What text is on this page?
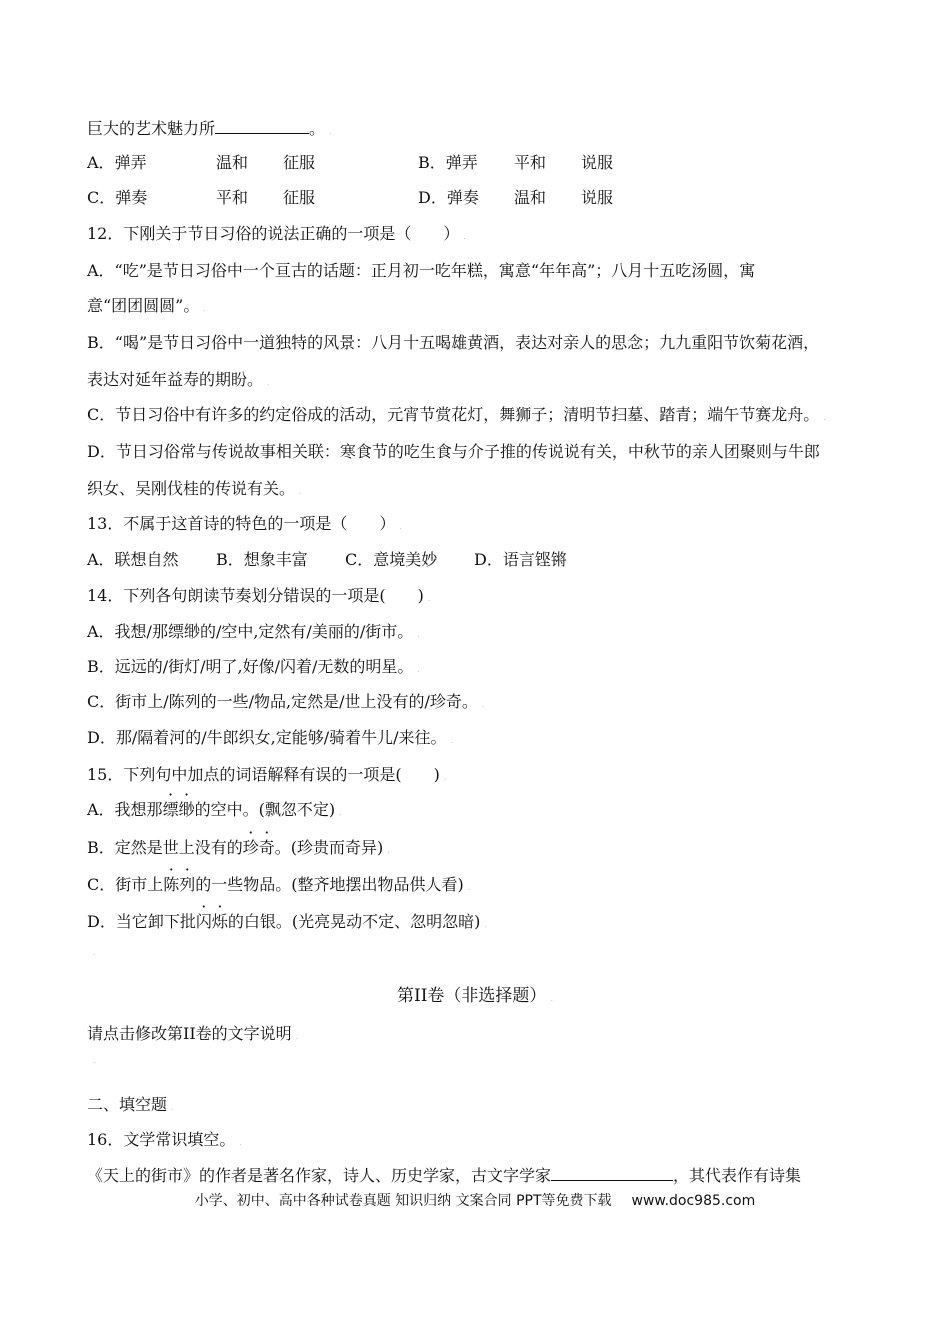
巨大的艺术魅力所	。 .
A．弹弄	温和 征服	B．弹弄 平和 说服
C．弹奏	平和 征服	D．弹奏 温和 说服
12．下刚关于节日习俗的说法正确的一项是（　　） .
A．“吃”是节日习俗中一个亘古的话题：正月初一吃年糕，寓意“年年高”；八月十五吃汤圆，寓
意“团团圆圆”。 .
B．“喝”是节日习俗中一道独特的风景：八月十五喝雄黄酒，表达对亲人的思念；九九重阳节饮菊花酒，
表达对延年益寿的期盼。 .
C．节日习俗中有许多的约定俗成的活动，元宵节赏花灯，舞狮子；清明节扫墓、踏青；端午节赛龙舟。 .
D．节日习俗常与传说故事相关联：寒食节的吃生食与介子推的传说说有关，中秋节的亲人团聚则与牛郎
织女、吴刚伐桂的传说有关。 .
13．不属于这首诗的特色的一项是（　　） .
A．联想自然 B．想象丰富 C．意境美妙 D．语言铿锵
14．下列各句朗读节奏划分错误的一项是(　　) .
A．我想/那缥缈的/空中,定然有/美丽的/街市。 .
B．远远的/街灯/明了,好像/闪着/无数的明星。 .
C．街市上/陈列的一些/物品,定然是/世上没有的/珍奇。 .
D．那/隔着河的/牛郎织女,定能够/骑着牛儿/来往。 .
15．下列句中加点的词语解释有误的一项是(　　) .
A．我想那缥缈的空中。(飘忽不定) .
B．定然是世上没有的珍奇。(珍贵而奇异) .
C．街市上陈列的一些物品。(整齐地摆出物品供人看) .
D．当它卸下批闪烁的白银。(光亮晃动不定、忽明忽暗) .
.
第II卷（非选择题） .
请点击修改第II卷的文字说明 .
.
二、填空题 .
16．文学常识填空。 .
《天上的街市》的作者是著名作家，诗人、历史学家，古文字学家	，其代表作有诗集
小学、初中、高中各种试卷真题 知识归纳 文案合同 PPT等免费下载 www.doc985.com
